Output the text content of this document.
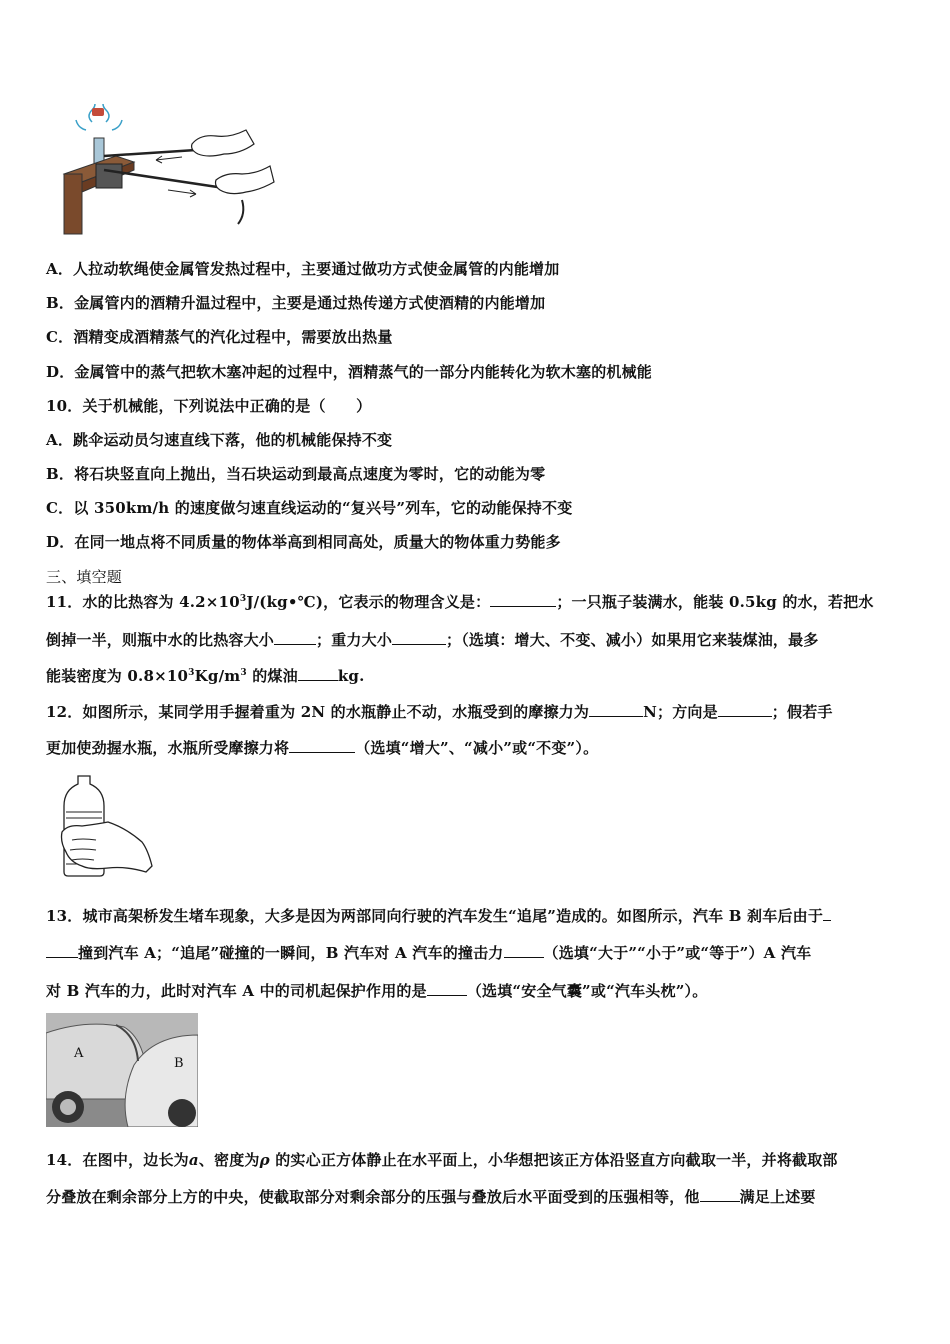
A．人拉动软绳使金属管发热过程中，主要通过做功方式使金属管的内能增加
B．金属管内的酒精升温过程中，主要是通过热传递方式使酒精的内能增加
C．酒精变成酒精蒸气的汽化过程中，需要放出热量
D．金属管中的蒸气把软木塞冲起的过程中，酒精蒸气的一部分内能转化为软木塞的机械能
10．关于机械能，下列说法中正确的是（　　）
A．跳伞运动员匀速直线下落，他的机械能保持不变
B．将石块竖直向上抛出，当石块运动到最高点速度为零时，它的动能为零
C．以 350km/h 的速度做匀速直线运动的“复兴号”列车，它的动能保持不变
D．在同一地点将不同质量的物体举高到相同高处，质量大的物体重力势能多
三、填空题
11．水的比热容为 $4.2\times 10^3J/(kg•℃)$，它表示的物理含义是：	；一只瓶子装满水，能装 0.5kg 的水，若把水
倒掉一半，则瓶中水的比热容大小	；重力大小	；（选填：增大、不变、减小）如果用它来装煤油，最多
能装密度为 $0.8\times 10^3Kg/m^3$ 的煤油	kg.
12．如图所示，某同学用手握着重为 2N 的水瓶静止不动，水瓶受到的摩擦力为	N；方向是	；假若手
更加使劲握水瓶，水瓶所受摩擦力将	（选填“增大”、“减小”或“不变”）。
13．城市高架桥发生堵车现象，大多是因为两部同向行驶的汽车发生“追尾”造成的。如图所示，汽车 B 刹车后由于
撞到汽车 A；“追尾”碰撞的一瞬间，B 汽车对 A 汽车的撞击力	（选填“大于”“小于”或“等于”）A 汽车
对 B 汽车的力，此时对汽车 A 中的司机起保护作用的是	（选填“安全气囊”或“汽车头枕”）。
A
B
14．在图中，边长为a、密度为ρ 的实心正方体静止在水平面上，小华想把该正方体沿竖直方向截取一半，并将截取部
分叠放在剩余部分上方的中央，使截取部分对剩余部分的压强与叠放后水平面受到的压强相等，他	满足上述要
